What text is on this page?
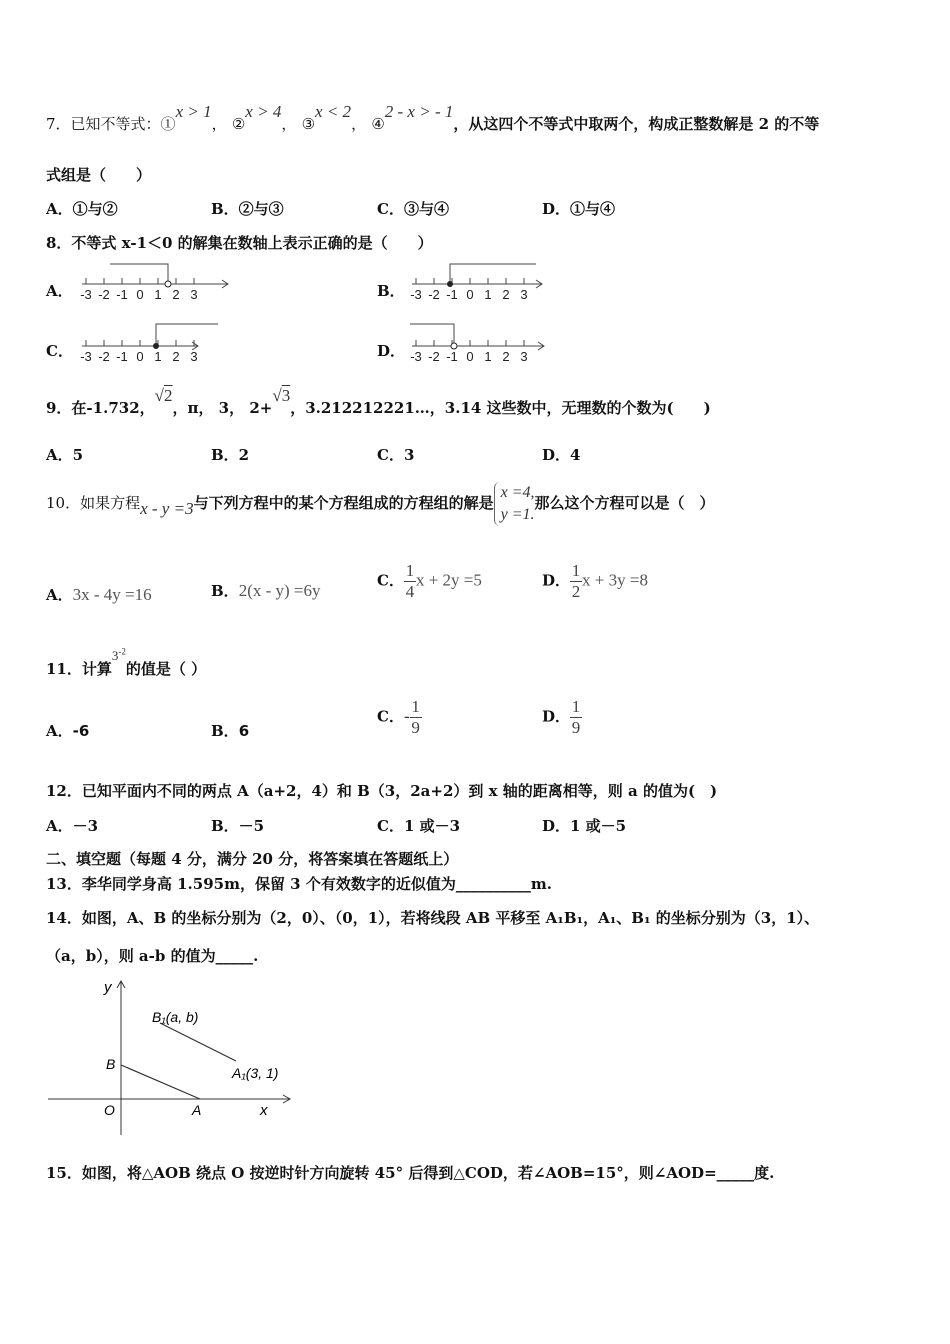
7．已知不等式：①x > 1， ②x > 4， ③x < 2， ④2 - x > - 1，从这四个不等式中取两个，构成正整数解是 2 的不等
式组是（　　）
A．①与②	B．②与③	C．③与④	D．①与④
8．不等式 x-1＜0 的解集在数轴上表示正确的是（　　）
A．	B．
C．	D．
-3 -2 -1 0 1 2 3	-3 -2 -1 0 1 2 3
-3 -2 -1 0 1 2 3	-3 -2 -1 0 1 2 3
9．在-1.732，√2，π， 3， 2+√3，3.212212221…，3.14 这些数中，无理数的个数为(　　)
A．5	B．2	C．3	D．4
10．如果方程x - y =3与下列方程中的某个方程组成的方程组的解是
x =4,
y =1.
那么这个方程可以是（　）
A．3x - 4y =16	B．2(x - y) =6y
C． $\frac{1}{4}$ x + 2y =5	D． $\frac{1}{2}$ x + 3y =8
11．计算$3^{-2}$的值是（ ）
A．-6	B．6
C．- $\frac{1}{9}$	D． $\frac{1}{9}$
12．已知平面内不同的两点 A（a+2，4）和 B（3，2a+2）到 x 轴的距离相等，则 a 的值为(　)
A．－3	B．－5	C．1 或－3	D．1 或－5
二、填空题（每题 4 分，满分 20 分，将答案填在答题纸上）
13．李华同学身高 1.595m，保留 3 个有效数字的近似值为__________m.
14．如图，A、B 的坐标分别为（2，0）、（0，1），若将线段 AB 平移至 A₁B₁，A₁、B₁ 的坐标分别为（3，1）、
（a，b），则 a-b 的值为_____.
y
x
O	A
B
B₁(a, b)
A₁(3, 1)
15．如图，将△AOB 绕点 O 按逆时针方向旋转 45° 后得到△COD，若∠AOB=15°，则∠AOD=_____度.
